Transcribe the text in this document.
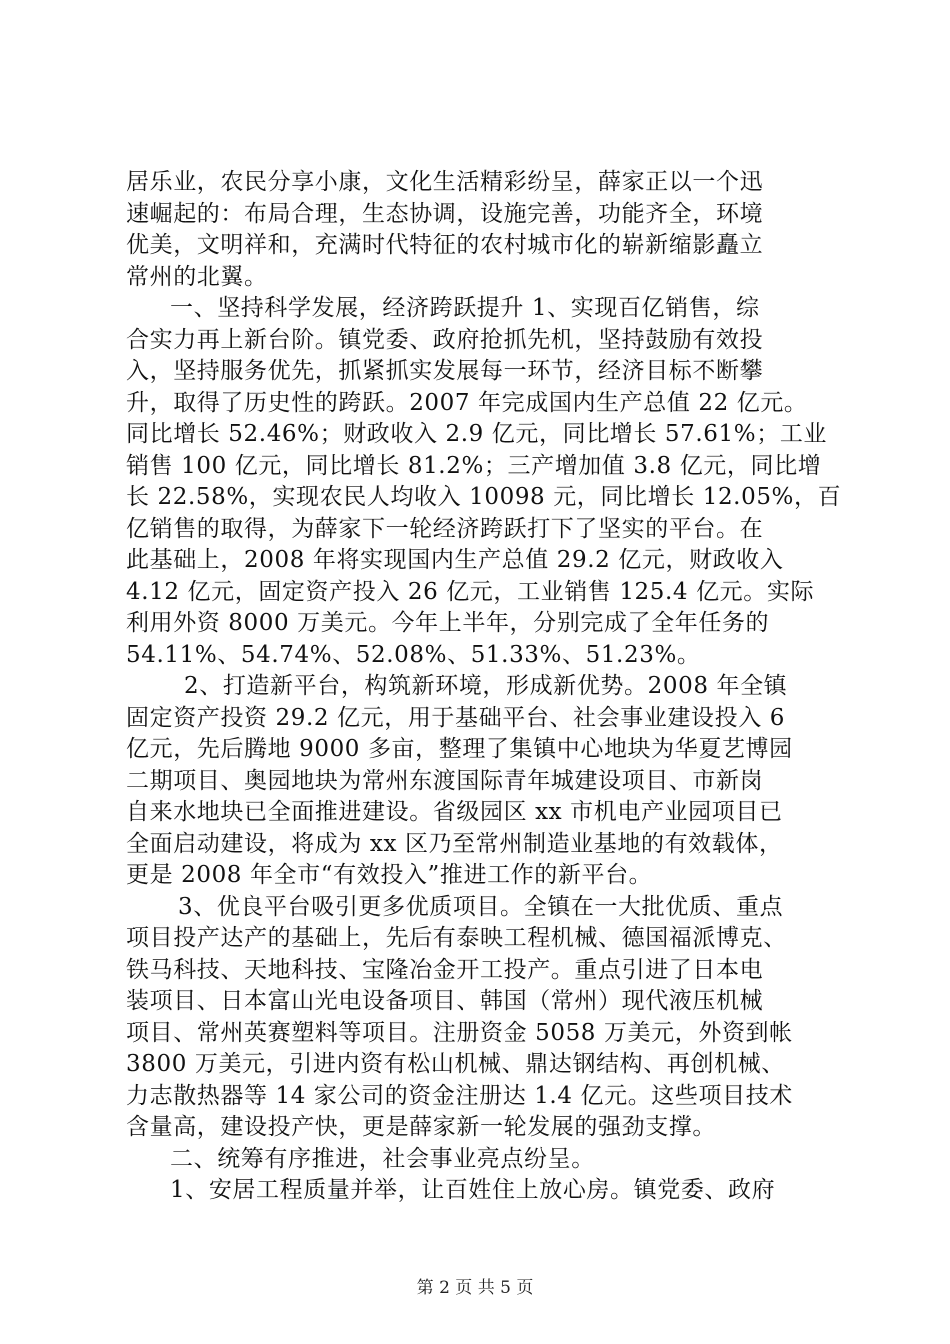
居乐业，农民分享小康，文化生活精彩纷呈，薛家正以一个迅
速崛起的：布局合理，生态协调，设施完善，功能齐全，环境
优美，文明祥和，充满时代特征的农村城市化的崭新缩影矗立
常州的北翼。
一、坚持科学发展，经济跨跃提升 1、实现百亿销售，综
合实力再上新台阶。镇党委、政府抢抓先机，坚持鼓励有效投
入，坚持服务优先，抓紧抓实发展每一环节，经济目标不断攀
升，取得了历史性的跨跃。2007 年完成国内生产总值 22 亿元。
同比增长 52.46%；财政收入 2.9 亿元，同比增长 57.61%；工业
销售 100 亿元，同比增长 81.2%；三产增加值 3.8 亿元，同比增
长 22.58%，实现农民人均收入 10098 元，同比增长 12.05%，百
亿销售的取得，为薛家下一轮经济跨跃打下了坚实的平台。在
此基础上，2008 年将实现国内生产总值 29.2 亿元，财政收入
4.12 亿元，固定资产投入 26 亿元，工业销售 125.4 亿元。实际
利用外资 8000 万美元。今年上半年，分别完成了全年任务的
54.11%、54.74%、52.08%、51.33%、51.23%。
2、打造新平台，构筑新环境，形成新优势。2008 年全镇
固定资产投资 29.2 亿元，用于基础平台、社会事业建设投入 6
亿元，先后腾地 9000 多亩，整理了集镇中心地块为华夏艺博园
二期项目、奥园地块为常州东渡国际青年城建设项目、市新岗
自来水地块已全面推进建设。省级园区 xx 市机电产业园项目已
全面启动建设，将成为 xx 区乃至常州制造业基地的有效载体，
更是 2008 年全市“有效投入”推进工作的新平台。
3、优良平台吸引更多优质项目。全镇在一大批优质、重点
项目投产达产的基础上，先后有泰映工程机械、德国福派博克、
铁马科技、天地科技、宝隆冶金开工投产。重点引进了日本电
装项目、日本富山光电设备项目、韩国（常州）现代液压机械
项目、常州英赛塑料等项目。注册资金 5058 万美元，外资到帐
3800 万美元，引进内资有松山机械、鼎达钢结构、再创机械、
力志散热器等 14 家公司的资金注册达 1.4 亿元。这些项目技术
含量高，建设投产快，更是薛家新一轮发展的强劲支撑。
二、统筹有序推进，社会事业亮点纷呈。
1、安居工程质量并举，让百姓住上放心房。镇党委、政府
第 2 页 共 5 页
